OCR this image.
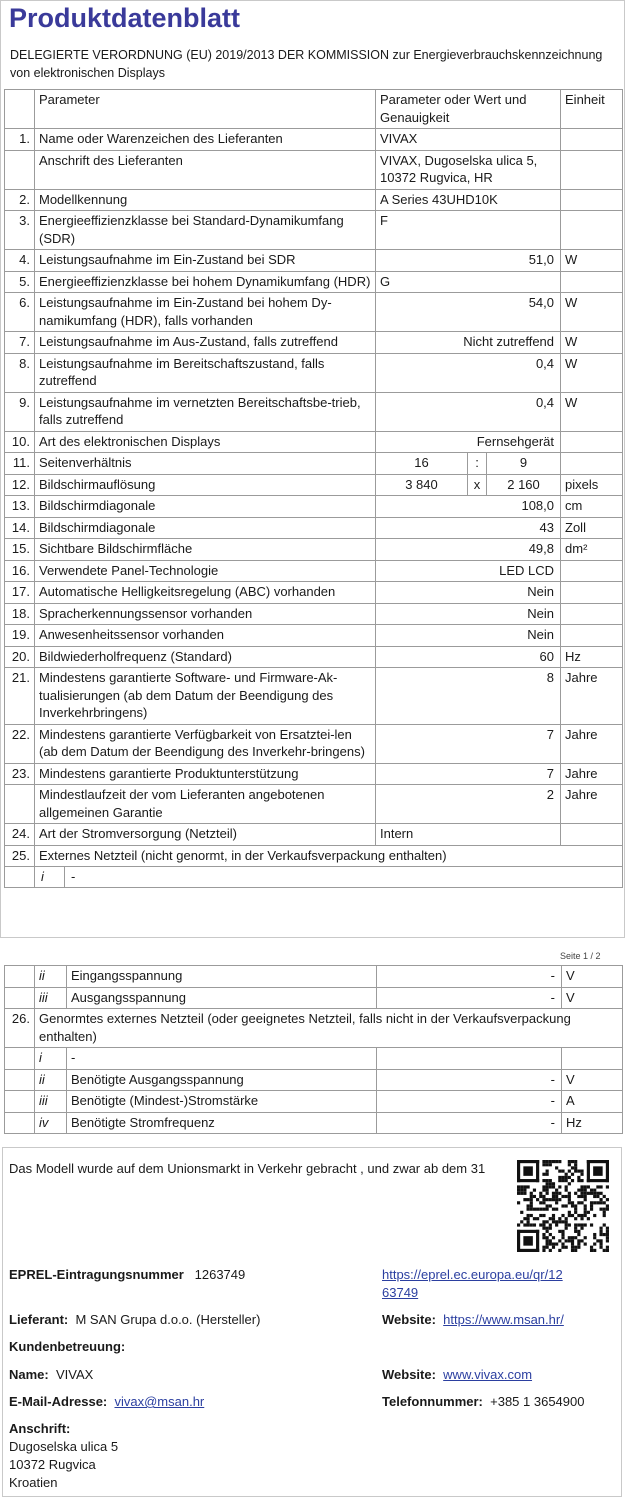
Produktdatenblatt
DELEGIERTE VERORDNUNG (EU) 2019/2013 DER KOMMISSION zur Energieverbrauchskennzeichnung von elektronischen Displays
	Parameter	Parameter oder Wert und Genauigkeit			Einheit
1.	Name oder Warenzeichen des Lieferanten	VIVAX			
	Anschrift des Lieferanten	VIVAX, Dugoselska ulica 5, 10372 Rugvica, HR			
2.	Modellkennung	A Series 43UHD10K			
3.	Energieeffizienzklasse bei Standard-Dynamikumfang (SDR)	F			
4.	Leistungsaufnahme im Ein-Zustand bei SDR	51,0			W
5.	Energieeffizienzklasse bei hohem Dynamikumfang (HDR)	G			
6.	Leistungsaufnahme im Ein-Zustand bei hohem Dy-namikumfang (HDR), falls vorhanden	54,0			W
7.	Leistungsaufnahme im Aus-Zustand, falls zutreffend	Nicht zutreffend			W
8.	Leistungsaufnahme im Bereitschaftszustand, falls zutreffend	0,4			W
9.	Leistungsaufnahme im vernetzten Bereitschaftsbe-trieb, falls zutreffend	0,4			W
10.	Art des elektronischen Displays	Fernsehgerät			
11.	Seitenverhältnis	16	:	9	
12.	Bildschirmauflösung	3 840	x	2 160	pixels
13.	Bildschirmdiagonale	108,0			cm
14.	Bildschirmdiagonale	43			Zoll
15.	Sichtbare Bildschirmfläche	49,8			dm²
16.	Verwendete Panel-Technologie	LED LCD			
17.	Automatische Helligkeitsregelung (ABC) vorhanden	Nein			
18.	Spracherkennungssensor vorhanden	Nein			
19.	Anwesenheitssensor vorhanden	Nein			
20.	Bildwiederholfrequenz (Standard)	60			Hz
21.	Mindestens garantierte Software- und Firmware-Ak-tualisierungen (ab dem Datum der Beendigung des Inverkehrbringens)	8			Jahre
22.	Mindestens garantierte Verfügbarkeit von Ersatztei-len (ab dem Datum der Beendigung des Inverkehr-bringens)	7			Jahre
23.	Mindestens garantierte Produktunterstützung	7			Jahre
	Mindestlaufzeit der vom Lieferanten angebotenen allgemeinen Garantie	2			Jahre
24.	Art der Stromversorgung (Netzteil)	Intern			
25.	Externes Netzteil (nicht genormt, in der Verkaufsverpackung enthalten)				

	i -				
Seite 1 / 2
	ii	Eingangsspannung	-	V
	iii	Ausgangsspannung	-	V
26.	Genormtes externes Netzteil (oder geeignetes Netzteil, falls nicht in der Verkaufsverpackung enthalten)			
	i	-		
	ii	Benötigte Ausgangsspannung	-	V
	iii	Benötigte (Mindest-)Stromstärke	-	A
	iv	Benötigte Stromfrequenz	-	Hz
Das Modell wurde auf dem Unionsmarkt in Verkehr gebracht , und zwar ab dem 31
EPREL-Eintragungsnummer 1263749	https://eprel.ec.europa.eu/qr/12
63749
Lieferant: M SAN Grupa d.o.o. (Hersteller)	Website: https://www.msan.hr/
Kundenbetreuung:
Name: VIVAX	Website: www.vivax.com
E-Mail-Adresse: vivax@msan.hr	Telefonnummer: +385 1 3654900
Anschrift:
Dugoselska ulica 5
10372 Rugvica
Kroatien
